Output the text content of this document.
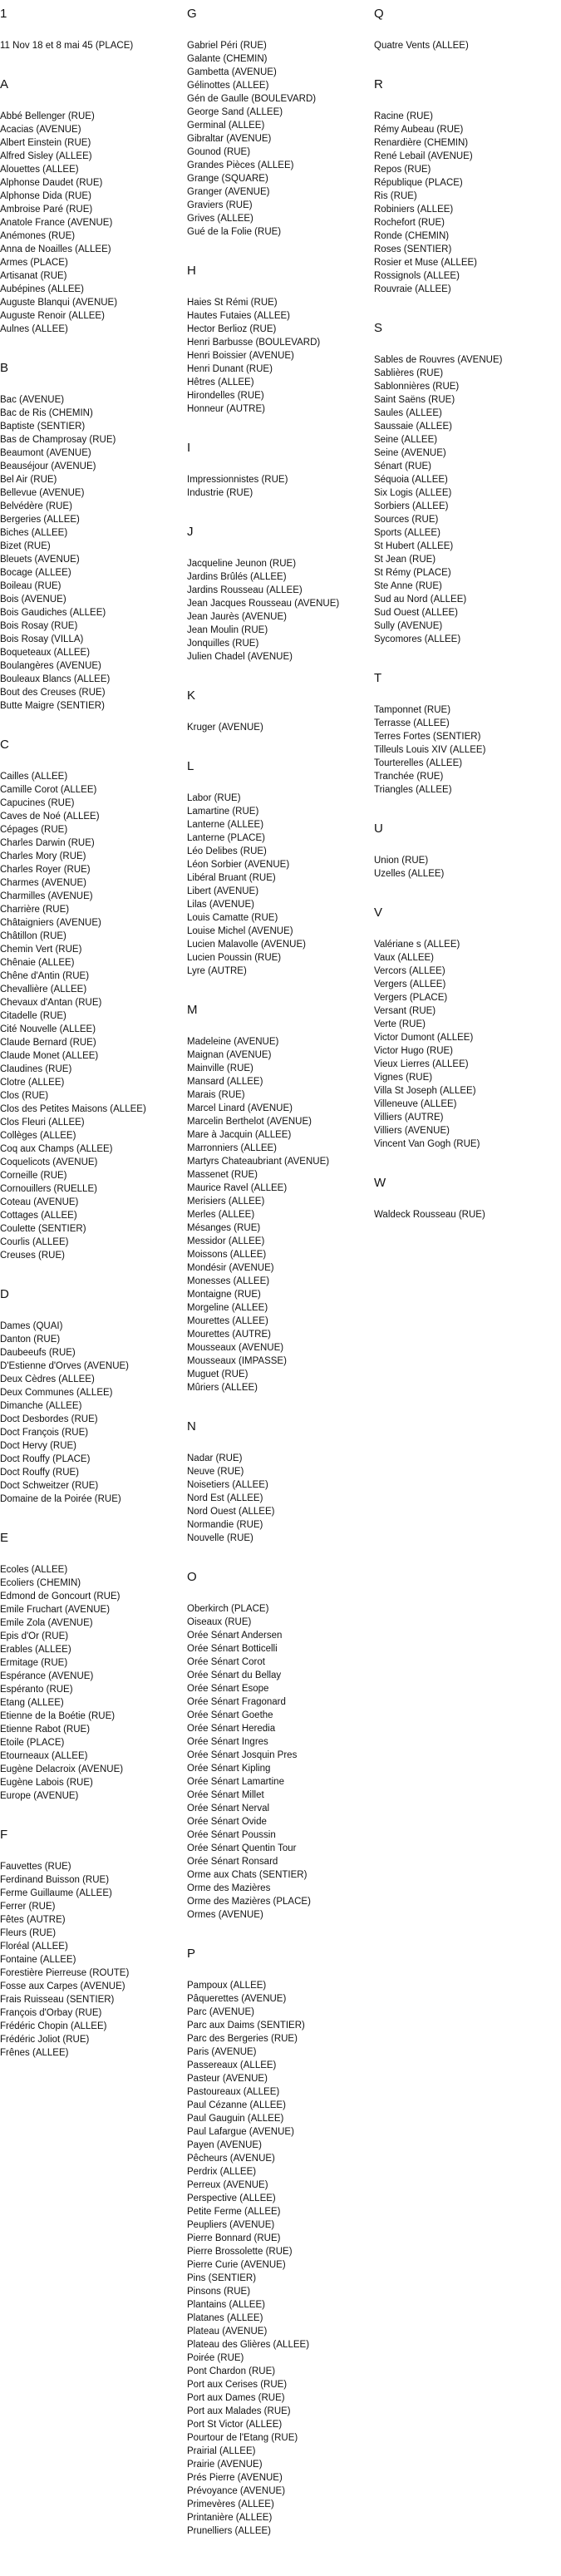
1
11 Nov 18 et 8 mai 45 (PLACE)
A
Abbé Bellenger (RUE)
Acacias (AVENUE)
Albert Einstein (RUE)
Alfred Sisley (ALLEE)
Alouettes (ALLEE)
Alphonse Daudet (RUE)
Alphonse Dida (RUE)
Ambroise Paré (RUE)
Anatole France (AVENUE)
Anémones (RUE)
Anna de Noailles (ALLEE)
Armes (PLACE)
Artisanat (RUE)
Aubépines (ALLEE)
Auguste Blanqui (AVENUE)
Auguste Renoir (ALLEE)
Aulnes (ALLEE)
B
Bac (AVENUE)
Bac de Ris (CHEMIN)
Baptiste (SENTIER)
Bas de Champrosay (RUE)
Beaumont (AVENUE)
Beauséjour (AVENUE)
Bel Air (RUE)
Bellevue (AVENUE)
Belvédère (RUE)
Bergeries (ALLEE)
Biches (ALLEE)
Bizet (RUE)
Bleuets (AVENUE)
Bocage (ALLEE)
Boileau (RUE)
Bois (AVENUE)
Bois Gaudiches (ALLEE)
Bois Rosay (RUE)
Bois Rosay (VILLA)
Boqueteaux (ALLEE)
Boulangères (AVENUE)
Bouleaux Blancs (ALLEE)
Bout des Creuses (RUE)
Butte Maigre (SENTIER)
C
Cailles (ALLEE)
Camille Corot (ALLEE)
Capucines (RUE)
Caves de Noé (ALLEE)
Cépages (RUE)
Charles Darwin (RUE)
Charles Mory (RUE)
Charles Royer (RUE)
Charmes (AVENUE)
Charmilles (AVENUE)
Charrière (RUE)
Châtaigniers (AVENUE)
Châtillon (RUE)
Chemin Vert (RUE)
Chênaie (ALLEE)
Chêne d'Antin (RUE)
Chevallière (ALLEE)
Chevaux d'Antan (RUE)
Citadelle (RUE)
Cité Nouvelle (ALLEE)
Claude Bernard (RUE)
Claude Monet (ALLEE)
Claudines (RUE)
Clotre (ALLEE)
Clos (RUE)
Clos des Petites Maisons (ALLEE)
Clos Fleuri (ALLEE)
Collèges (ALLEE)
Coq aux Champs (ALLEE)
Coquelicots (AVENUE)
Corneille (RUE)
Cornouillers (RUELLE)
Coteau (AVENUE)
Cottages (ALLEE)
Coulette (SENTIER)
Courlis (ALLEE)
Creuses (RUE)
D
Dames (QUAI)
Danton (RUE)
Daubeeufs (RUE)
D'Estienne d'Orves (AVENUE)
Deux Cèdres (ALLEE)
Deux Communes (ALLEE)
Dimanche (ALLEE)
Doct Desbordes (RUE)
Doct François (RUE)
Doct Hervy (RUE)
Doct Rouffy (PLACE)
Doct Rouffy (RUE)
Doct Schweitzer (RUE)
Domaine de la Poirée (RUE)
E
Ecoles (ALLEE)
Ecoliers (CHEMIN)
Edmond de Goncourt (RUE)
Emile Fruchart (AVENUE)
Emile Zola (AVENUE)
Epis d'Or (RUE)
Erables (ALLEE)
Ermitage (RUE)
Espérance (AVENUE)
Espéranto (RUE)
Etang (ALLEE)
Etienne de la Boétie (RUE)
Etienne Rabot (RUE)
Etoile (PLACE)
Etourneaux (ALLEE)
Eugène Delacroix (AVENUE)
Eugène Labois (RUE)
Europe (AVENUE)
F
Fauvettes (RUE)
Ferdinand Buisson (RUE)
Ferme Guillaume (ALLEE)
Ferrer (RUE)
Fêtes (AUTRE)
Fleurs (RUE)
Floréal (ALLEE)
Fontaine (ALLEE)
Forestière Pierreuse (ROUTE)
Fosse aux Carpes (AVENUE)
Frais Ruisseau (SENTIER)
François d'Orbay (RUE)
Frédéric Chopin (ALLEE)
Frédéric Joliot (RUE)
Frênes (ALLEE)
G
Gabriel Péri (RUE)
Galante (CHEMIN)
Gambetta (AVENUE)
Gélinottes (ALLEE)
Gén de Gaulle (BOULEVARD)
George Sand (ALLEE)
Germinal (ALLEE)
Gibraltar (AVENUE)
Gounod (RUE)
Grandes Pièces (ALLEE)
Grange (SQUARE)
Granger (AVENUE)
Graviers (RUE)
Grives (ALLEE)
Gué de la Folie (RUE)
H
Haies St Rémi (RUE)
Hautes Futaies (ALLEE)
Hector Berlioz (RUE)
Henri Barbusse (BOULEVARD)
Henri Boissier (AVENUE)
Henri Dunant (RUE)
Hêtres (ALLEE)
Hirondelles (RUE)
Honneur (AUTRE)
I
Impressionnistes (RUE)
Industrie (RUE)
J
Jacqueline Jeunon (RUE)
Jardins Brûlés (ALLEE)
Jardins Rousseau (ALLEE)
Jean Jacques Rousseau (AVENUE)
Jean Jaurès (AVENUE)
Jean Moulin (RUE)
Jonquilles (RUE)
Julien Chadel (AVENUE)
K
Kruger (AVENUE)
L
Labor (RUE)
Lamartine (RUE)
Lanterne (ALLEE)
Lanterne (PLACE)
Léo Delibes (RUE)
Léon Sorbier (AVENUE)
Libéral Bruant (RUE)
Libert (AVENUE)
Lilas (AVENUE)
Louis Camatte (RUE)
Louise Michel (AVENUE)
Lucien Malavolle (AVENUE)
Lucien Poussin (RUE)
Lyre (AUTRE)
M
Madeleine (AVENUE)
Maignan (AVENUE)
Mainville (RUE)
Mansard (ALLEE)
Marais (RUE)
Marcel Linard (AVENUE)
Marcelin Berthelot (AVENUE)
Mare à Jacquin (ALLEE)
Marronniers (ALLEE)
Martyrs Chateaubriant (AVENUE)
Massenet (RUE)
Maurice Ravel (ALLEE)
Merisiers (ALLEE)
Merles (ALLEE)
Mésanges (RUE)
Messidor (ALLEE)
Moissons (ALLEE)
Mondésir (AVENUE)
Monesses (ALLEE)
Montaigne (RUE)
Morgeline (ALLEE)
Mourettes (ALLEE)
Mourettes (AUTRE)
Mousseaux (AVENUE)
Mousseaux (IMPASSE)
Muguet (RUE)
Mûriers (ALLEE)
N
Nadar (RUE)
Neuve (RUE)
Noisetiers (ALLEE)
Nord Est (ALLEE)
Nord Ouest (ALLEE)
Normandie (RUE)
Nouvelle (RUE)
O
Oberkirch (PLACE)
Oiseaux (RUE)
Orée Sénart Andersen
Orée Sénart Botticelli
Orée Sénart Corot
Orée Sénart du Bellay
Orée Sénart Esope
Orée Sénart Fragonard
Orée Sénart Goethe
Orée Sénart Heredia
Orée Sénart Ingres
Orée Sénart Josquin Pres
Orée Sénart Kipling
Orée Sénart Lamartine
Orée Sénart Millet
Orée Sénart Nerval
Orée Sénart Ovide
Orée Sénart Poussin
Orée Sénart Quentin Tour
Orée Sénart Ronsard
Orme aux Chats (SENTIER)
Orme des Mazières
Orme des Mazières (PLACE)
Ormes (AVENUE)
P
Pampoux (ALLEE)
Pâquerettes (AVENUE)
Parc (AVENUE)
Parc aux Daims (SENTIER)
Parc des Bergeries (RUE)
Paris (AVENUE)
Passereaux (ALLEE)
Pasteur (AVENUE)
Pastoureaux (ALLEE)
Paul Cézanne (ALLEE)
Paul Gauguin (ALLEE)
Paul Lafargue (AVENUE)
Payen (AVENUE)
Pêcheurs (AVENUE)
Perdrix (ALLEE)
Perreux (AVENUE)
Perspective (ALLEE)
Petite Ferme (ALLEE)
Peupliers (AVENUE)
Pierre Bonnard (RUE)
Pierre Brossolette (RUE)
Pierre Curie (AVENUE)
Pins (SENTIER)
Pinsons (RUE)
Plantains (ALLEE)
Platanes (ALLEE)
Plateau (AVENUE)
Plateau des Glières (ALLEE)
Poirée (RUE)
Pont Chardon (RUE)
Port aux Cerises (RUE)
Port aux Dames (RUE)
Port aux Malades (RUE)
Port St Victor (ALLEE)
Pourtour de l'Etang (RUE)
Prairial (ALLEE)
Prairie (AVENUE)
Prés Pierre (AVENUE)
Prévoyance (AVENUE)
Primevères (ALLEE)
Printanière (ALLEE)
Prunelliers (ALLEE)
Q
Quatre Vents (ALLEE)
R
Racine (RUE)
Rémy Aubeau (RUE)
Renardière (CHEMIN)
René Lebail (AVENUE)
Repos (RUE)
République (PLACE)
Ris (RUE)
Robiniers (ALLEE)
Rochefort (RUE)
Ronde (CHEMIN)
Roses (SENTIER)
Rosier et Muse (ALLEE)
Rossignols (ALLEE)
Rouvraie (ALLEE)
S
Sables de Rouvres (AVENUE)
Sablières (RUE)
Sablonnières (RUE)
Saint Saëns (RUE)
Saules (ALLEE)
Saussaie (ALLEE)
Seine (ALLEE)
Seine (AVENUE)
Sénart (RUE)
Séquoia (ALLEE)
Six Logis (ALLEE)
Sorbiers (ALLEE)
Sources (RUE)
Sports (ALLEE)
St Hubert (ALLEE)
St Jean (RUE)
St Rémy (PLACE)
Ste Anne (RUE)
Sud au Nord (ALLEE)
Sud Ouest (ALLEE)
Sully (AVENUE)
Sycomores (ALLEE)
T
Tamponnet (RUE)
Terrasse (ALLEE)
Terres Fortes (SENTIER)
Tilleuls Louis XIV (ALLEE)
Tourterelles (ALLEE)
Tranchée (RUE)
Triangles (ALLEE)
U
Union (RUE)
Uzelles (ALLEE)
V
Valériane s (ALLEE)
Vaux (ALLEE)
Vercors (ALLEE)
Vergers (ALLEE)
Vergers (PLACE)
Versant (RUE)
Verte (RUE)
Victor Dumont (ALLEE)
Victor Hugo (RUE)
Vieux Lierres (ALLEE)
Vignes (RUE)
Villa St Joseph (ALLEE)
Villeneuve (ALLEE)
Villiers (AUTRE)
Villiers (AVENUE)
Vincent Van Gogh (RUE)
W
Waldeck Rousseau (RUE)
